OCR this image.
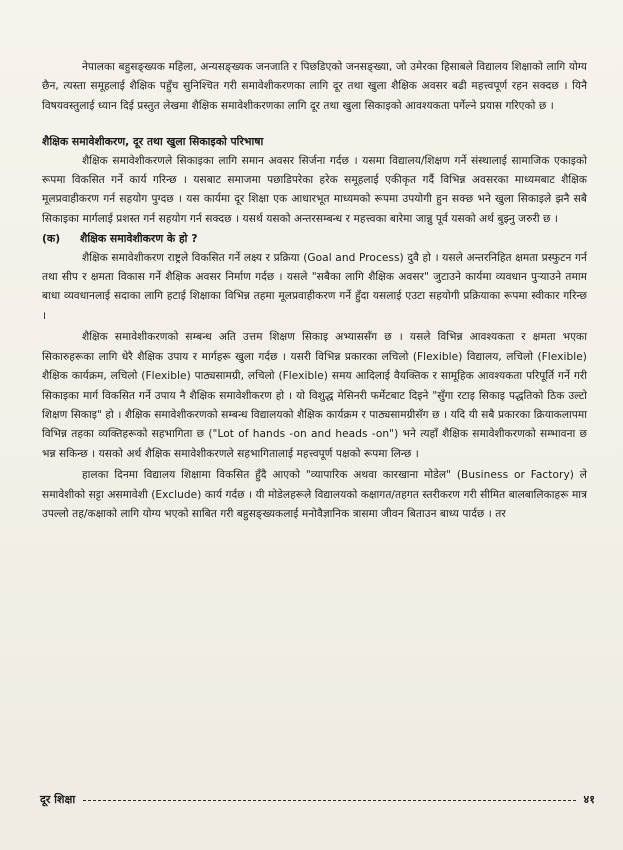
नेपालका बहुसङ्ख्यक महिला, अन्यसङ्ख्यक जनजाति र पिछडिएको जनसङ्ख्या, जो उमेरका हिसाबले विद्यालय शिक्षाको लागि योग्य छैन, त्यस्ता समूहलाई शैक्षिक पहुँच सुनिश्चित गरी समावेशीकरणका लागि दूर तथा खुला शैक्षिक अवसर बढी महत्त्वपूर्ण रहन सक्दछ । यिनै विषयवस्तुलाई ध्यान दिई प्रस्तुत लेखमा शैक्षिक समावेशीकरणका लागि दूर तथा खुला सिकाइको आवश्यकता पर्गेल्ने प्रयास गरिएको छ ।

शैक्षिक समावेशीकरण, दूर तथा खुला सिकाइको परिभाषा

शैक्षिक समावेशीकरणले सिकाइका लागि समान अवसर सिर्जना गर्दछ । यसमा विद्यालय/शिक्षण गर्ने संस्थालाई सामाजिक एकाइको रूपमा विकसित गर्ने कार्य गरिन्छ । यसबाट समाजमा पछाडिपरेका हरेक समूहलाई एकीकृत गर्दै विभिन्न अवसरका माध्यमबाट शैक्षिक मूलप्रवाहीकरण गर्न सहयोग पुग्दछ । यस कार्यमा दूर शिक्षा एक आधारभूत माध्यमको रूपमा उपयोगी हुन सक्छ भने खुला सिकाइले झनै सबै सिकाइका मार्गलाई प्रशस्त गर्न सहयोग गर्न सक्दछ । यसर्थ यसको अन्तरसम्बन्ध र महत्त्वका बारेमा जान्नु पूर्व यसको अर्थ बुझ्नु जरुरी छ ।

(क)	शैक्षिक समावेशीकरण के हो ?

शैक्षिक समावेशीकरण राष्ट्रले विकसित गर्ने लक्ष्य र प्रक्रिया (Goal and Process) दुवै हो । यसले अन्तरनिहित क्षमता प्रस्फुटन गर्न तथा सीप र क्षमता विकास गर्ने शैक्षिक अवसर निर्माण गर्दछ । यसले "सबैका लागि शैक्षिक अवसर" जुटाउने कार्यमा व्यवधान पुऱ्याउने तमाम बाधा व्यवधानलाई सदाका लागि हटाई शिक्षाका विभिन्न तहमा मूलप्रवाहीकरण गर्ने हुँदा यसलाई एउटा सहयोगी प्रक्रियाका रूपमा स्वीकार गरिन्छ ।

शैक्षिक समावेशीकरणको सम्बन्ध अति उत्तम शिक्षण सिकाइ अभ्याससँग छ । यसले विभिन्न आवश्यकता र क्षमता भएका सिकारुहरूका लागि धेरै शैक्षिक उपाय र मार्गहरू खुला गर्दछ । यसरी विभिन्न प्रकारका लचिलो (Flexible) विद्यालय, लचिलो (Flexible) शैक्षिक कार्यक्रम, लचिलो (Flexible) पाठ्यसामग्री, लचिलो (Flexible) समय आदिलाई वैयक्तिक र सामूहिक आवश्यकता परिपूर्ति गर्ने गरी सिकाइका मार्ग विकसित गर्ने उपाय नै शैक्षिक समावेशीकरण हो । यो विशुद्ध मेसिनरी फर्मेटबाट दिइने "सुँगा रटाइ सिकाइ पद्धतिको ठिक उल्टो शिक्षण सिकाइ" हो । शैक्षिक समावेशीकरणको सम्बन्ध विद्यालयको शैक्षिक कार्यक्रम र पाठ्यसामग्रीसँग छ । यदि यी सबै प्रकारका क्रियाकलापमा विभिन्न तहका व्यक्तिहरूको सहभागिता छ ("Lot of hands -on and heads -on") भने त्यहाँ शैक्षिक समावेशीकरणको सम्भावना छ भन्न सकिन्छ । यसको अर्थ शैक्षिक समावेशीकरणले सहभागितालाई महत्त्वपूर्ण पक्षको रूपमा लिन्छ ।

हालका दिनमा विद्यालय शिक्षामा विकसित हुँदै आएको "व्यापारिक अथवा कारखाना मोडेल" (Business or Factory) ले समावेशीको सट्टा असमावेशी (Exclude) कार्य गर्दछ । यी मोडेलहरूले विद्यालयको कक्षागत/तहगत स्तरीकरण गरी सीमित बालबालिकाहरू मात्र उपल्लो तह/कक्षाको लागि योग्य भएको साबित गरी बहुसङ्ख्यकलाई मनोवैज्ञानिक त्रासमा जीवन बिताउन बाध्य पार्दछ । तर

दूर शिक्षा	४१
